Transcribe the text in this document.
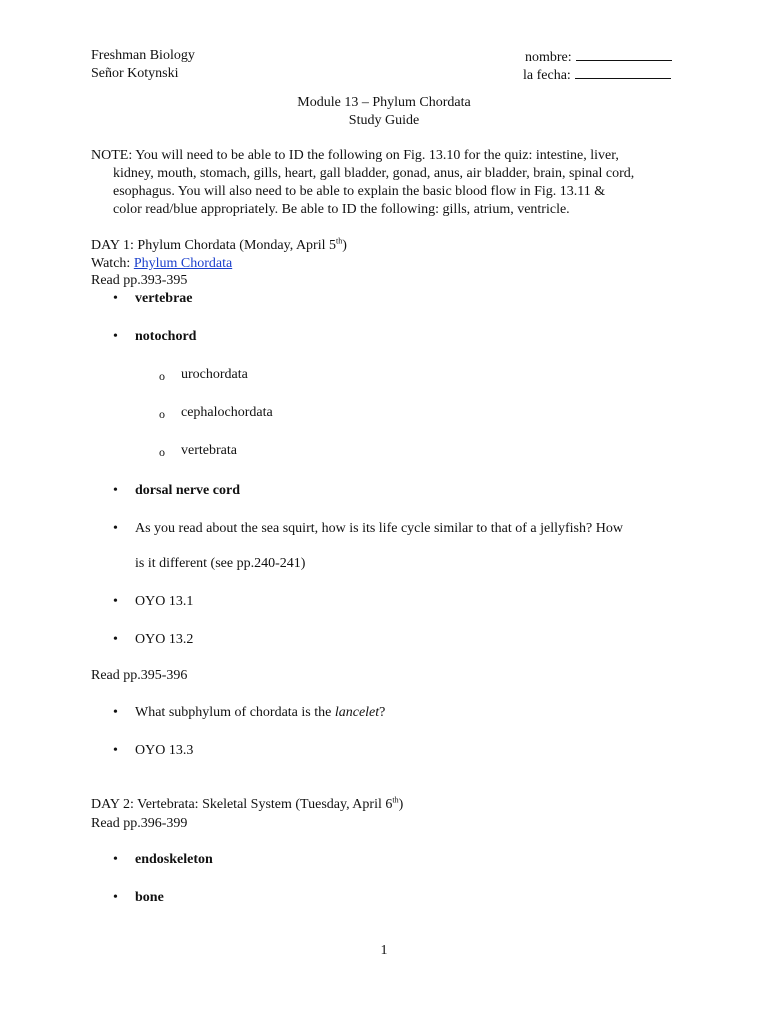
Freshman Biology
Señor Kotynski
nombre:
la fecha:
Module 13 – Phylum Chordata
Study Guide
NOTE: You will need to be able to ID the following on Fig. 13.10 for the quiz: intestine, liver,
kidney, mouth, stomach, gills, heart, gall bladder, gonad, anus, air bladder, brain, spinal cord,
esophagus. You will also need to be able to explain the basic blood flow in Fig. 13.11 &
color read/blue appropriately. Be able to ID the following: gills, atrium, ventricle.
DAY 1: Phylum Chordata (Monday, April 5th)
Watch: Phylum Chordata
Read pp.393-395
•	vertebrae
•	notochord
o urochordata
o cephalochordata
o vertebrata
•	dorsal nerve cord
•	As you read about the sea squirt, how is its life cycle similar to that of a jellyfish? How
is it different (see pp.240-241)
•	OYO 13.1
•	OYO 13.2
Read pp.395-396
•	What subphylum of chordata is the lancelet?
•	OYO 13.3
DAY 2: Vertebrata: Skeletal System (Tuesday, April 6th)
Read pp.396-399
•	endoskeleton
•	bone
1
